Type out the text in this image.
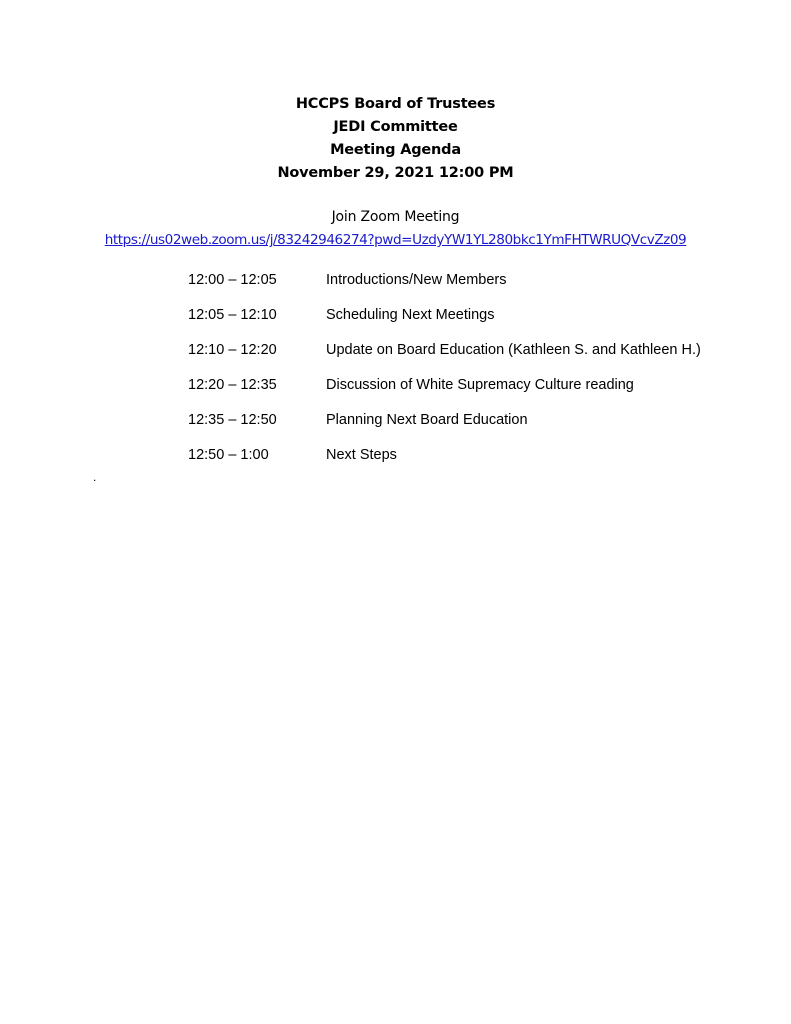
HCCPS Board of Trustees
JEDI Committee
Meeting Agenda
November 29, 2021 12:00 PM
Join Zoom Meeting
https://us02web.zoom.us/j/83242946274?pwd=UzdyYW1YL280bkc1YmFHTWRUQVcvZz09
12:00 – 12:05	Introductions/New Members
12:05 – 12:10	Scheduling Next Meetings
12:10 – 12:20	Update on Board Education (Kathleen S. and Kathleen H.)
12:20 – 12:35	Discussion of White Supremacy Culture reading
12:35 – 12:50	Planning Next Board Education
12:50 – 1:00	Next Steps
.
